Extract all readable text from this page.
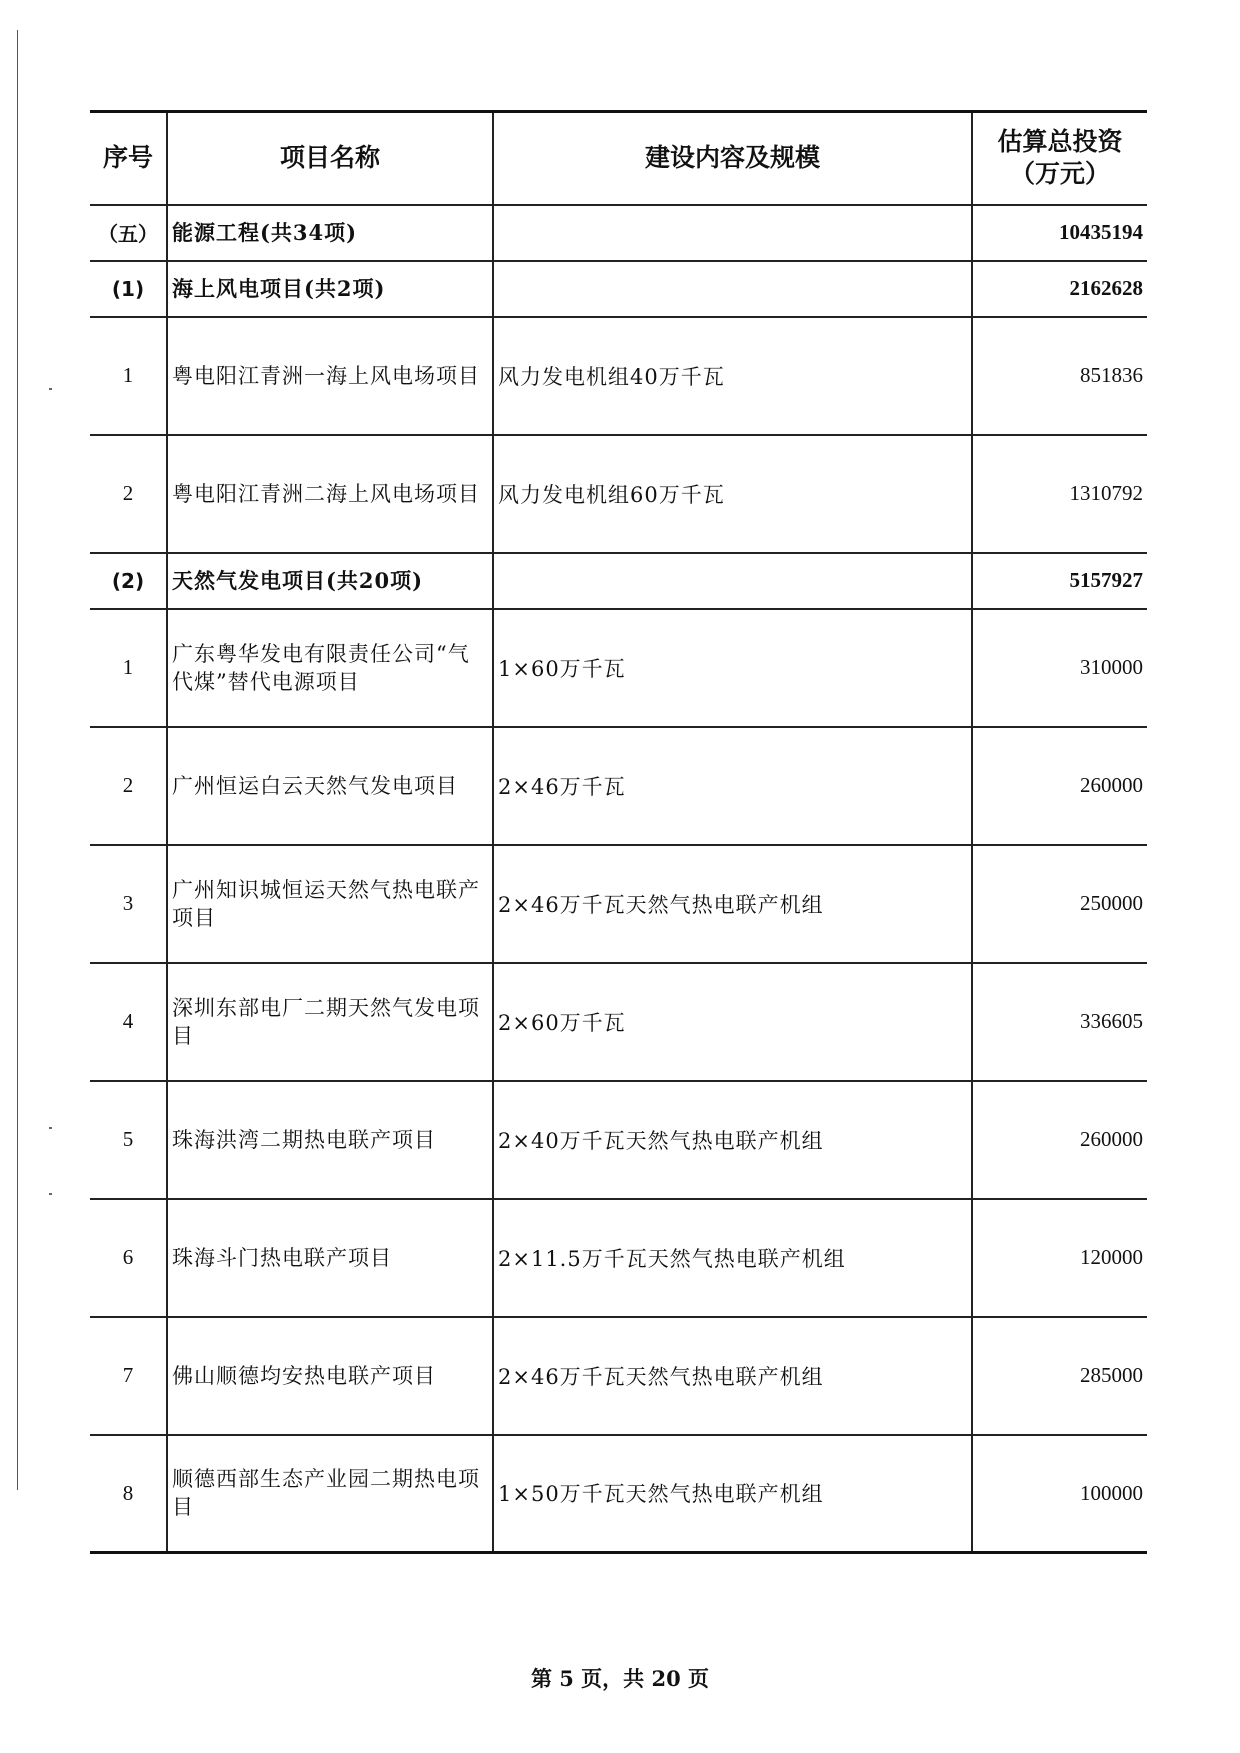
序号	项目名称	建设内容及规模	估算总投资
（万元）
（五）	能源工程(共34项)		10435194
(1)	海上风电项目(共2项)		2162628
1	粤电阳江青洲一海上风电场项目	风力发电机组40万千瓦	851836
2	粤电阳江青洲二海上风电场项目	风力发电机组60万千瓦	1310792
(2)	天然气发电项目(共20项)		5157927
1	广东粤华发电有限责任公司“气代煤”替代电源项目	1×60万千瓦	310000
2	广州恒运白云天然气发电项目	2×46万千瓦	260000
3	广州知识城恒运天然气热电联产项目	2×46万千瓦天然气热电联产机组	250000
4	深圳东部电厂二期天然气发电项目	2×60万千瓦	336605
5	珠海洪湾二期热电联产项目	2×40万千瓦天然气热电联产机组	260000
6	珠海斗门热电联产项目	2×11.5万千瓦天然气热电联产机组	120000
7	佛山顺德均安热电联产项目	2×46万千瓦天然气热电联产机组	285000
8	顺德西部生态产业园二期热电项目	1×50万千瓦天然气热电联产机组	100000
第 5 页，共 20 页
